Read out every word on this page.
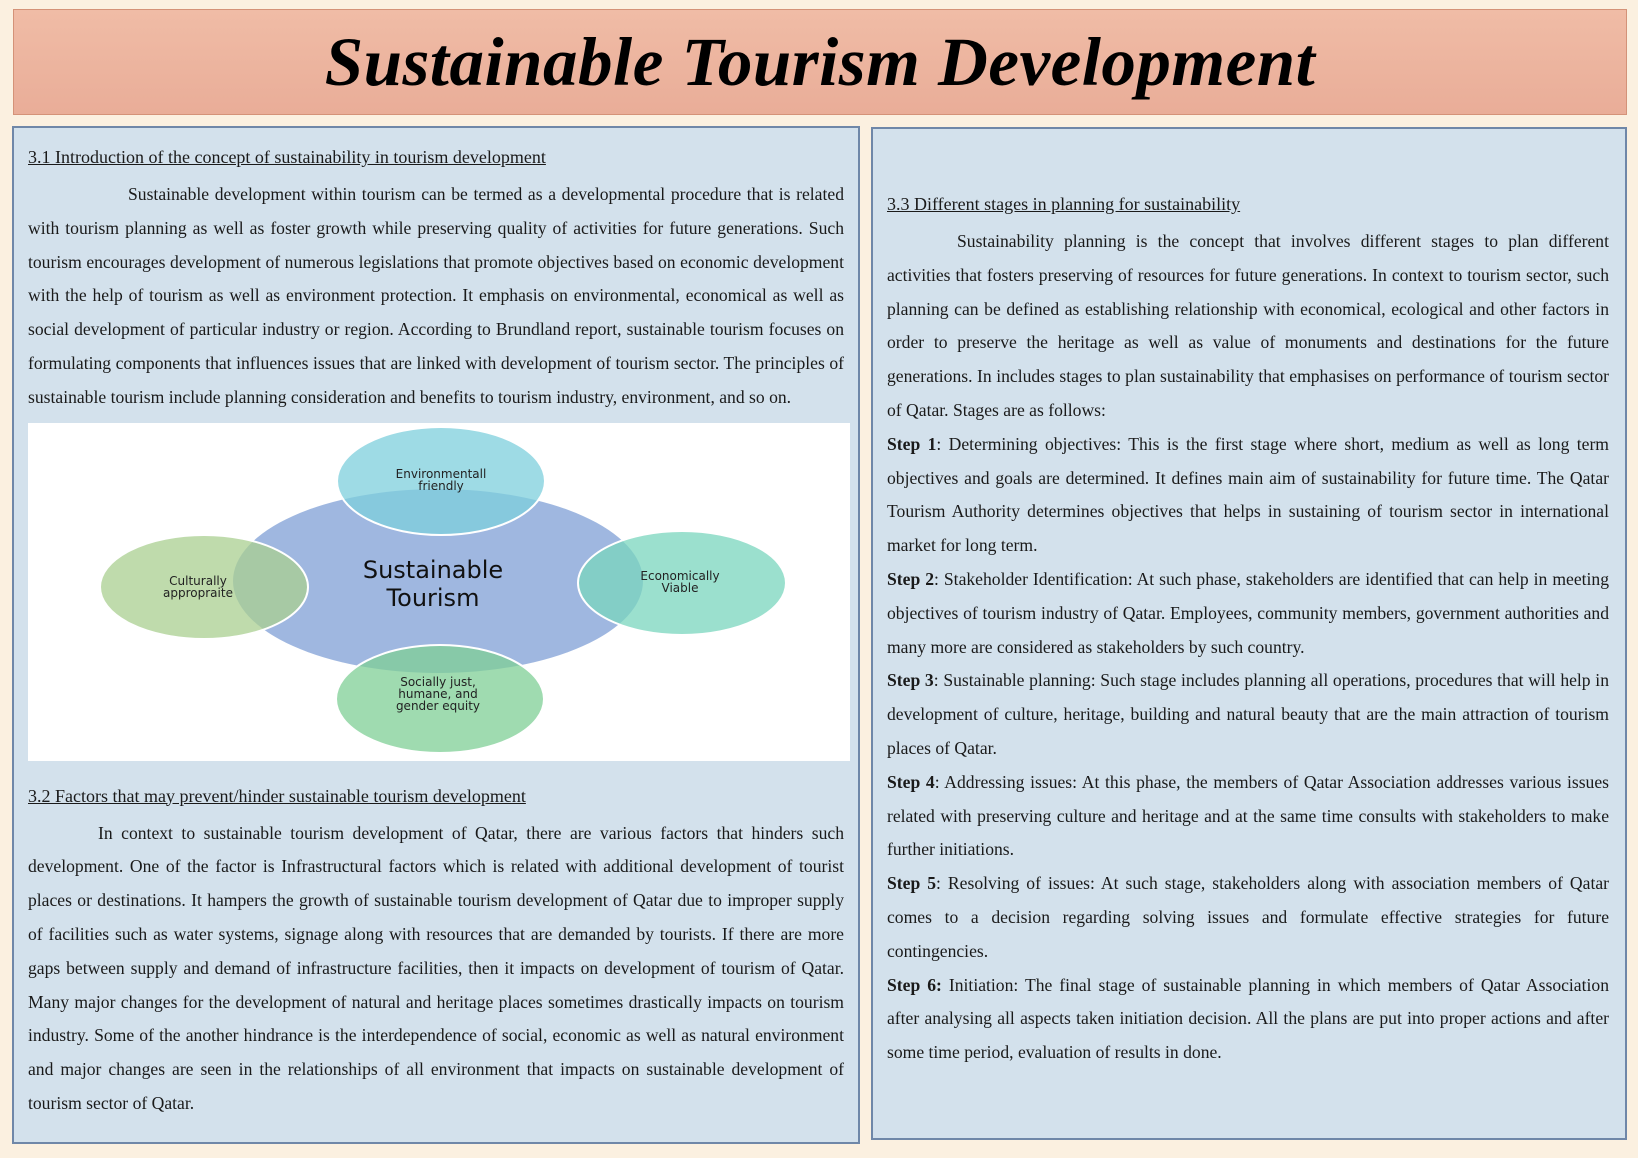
Sustainable Tourism Development

3.1 Introduction of the concept of sustainability in tourism development

Sustainable development within tourism can be termed as a developmental procedure that is related with tourism planning as well as foster growth while preserving quality of activities for future generations. Such tourism encourages development of numerous legislations that promote objectives based on economic development with the help of tourism as well as environment protection. It emphasis on environmental, economical as well as social development of particular industry or region. According to Brundland report, sustainable tourism focuses on formulating components that influences issues that are linked with development of tourism sector. The principles of sustainable tourism include planning consideration and benefits to tourism industry, environment, and so on.

Sustainable
Tourism
Environmentall
friendly
Culturally
appropraite
Economically
Viable
Socially just,
humane, and
gender equity

3.2 Factors that may prevent/hinder sustainable tourism development

In context to sustainable tourism development of Qatar, there are various factors that hinders such development. One of the factor is Infrastructural factors which is related with additional development of tourist places or destinations. It hampers the growth of sustainable tourism development of Qatar due to improper supply of facilities such as water systems, signage along with resources that are demanded by tourists. If there are more gaps between supply and demand of infrastructure facilities, then it impacts on development of tourism of Qatar. Many major changes for the development of natural and heritage places sometimes drastically impacts on tourism industry. Some of the another hindrance is the interdependence of social, economic as well as natural environment and major changes are seen in the relationships of all environment that impacts on sustainable development of tourism sector of Qatar.

3.3 Different stages in planning for sustainability

Sustainability planning is the concept that involves different stages to plan different activities that fosters preserving of resources for future generations. In context to tourism sector, such planning can be defined as establishing relationship with economical, ecological and other factors in order to preserve the heritage as well as value of monuments and destinations for the future generations. In includes stages to plan sustainability that emphasises on performance of tourism sector of Qatar. Stages are as follows:

Step 1: Determining objectives: This is the first stage where short, medium as well as long term objectives and goals are determined. It defines main aim of sustainability for future time. The Qatar Tourism Authority determines objectives that helps in sustaining of tourism sector in international market for long term.

Step 2: Stakeholder Identification: At such phase, stakeholders are identified that can help in meeting objectives of tourism industry of Qatar. Employees, community members, government authorities and many more are considered as stakeholders by such country.

Step 3: Sustainable planning: Such stage includes planning all operations, procedures that will help in development of culture, heritage, building and natural beauty that are the main attraction of tourism places of Qatar.

Step 4: Addressing issues: At this phase, the members of Qatar Association addresses various issues related with preserving culture and heritage and at the same time consults with stakeholders to make further initiations.

Step 5: Resolving of issues: At such stage, stakeholders along with association members of Qatar comes to a decision regarding solving issues and formulate effective strategies for future contingencies.

Step 6: Initiation: The final stage of sustainable planning in which members of Qatar Association after analysing all aspects taken initiation decision. All the plans are put into proper actions and after some time period, evaluation of results in done.
